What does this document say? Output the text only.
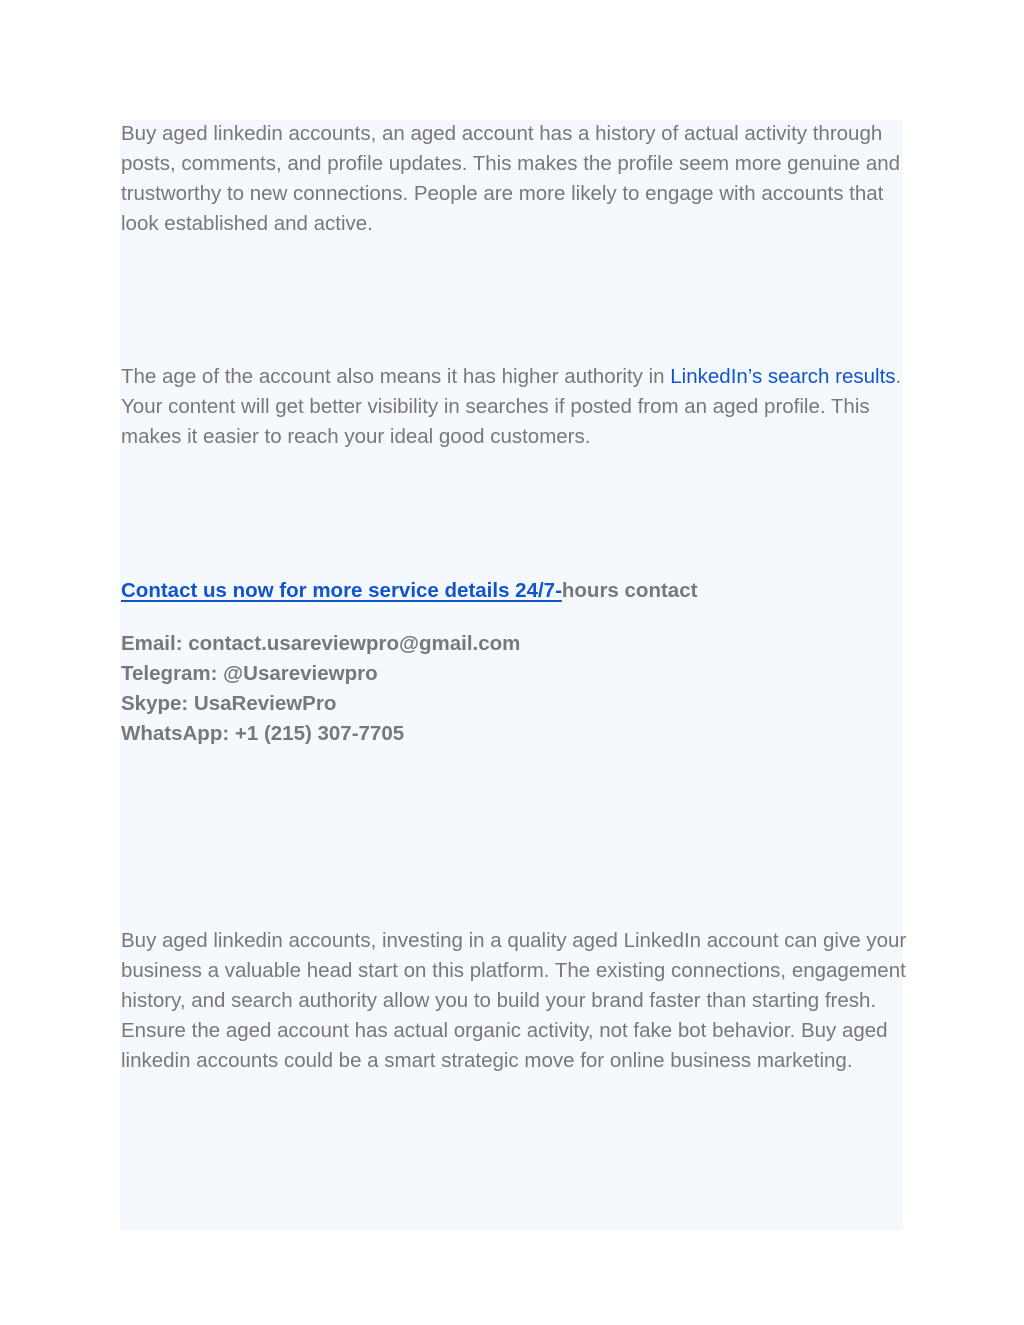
Buy aged linkedin accounts, an aged account has a history of actual activity through posts, comments, and profile updates. This makes the profile seem more genuine and trustworthy to new connections. People are more likely to engage with accounts that look established and active.

The age of the account also means it has higher authority in LinkedIn’s search results. Your content will get better visibility in searches if posted from an aged profile. This makes it easier to reach your ideal good customers.

Contact us now for more service details 24/7-hours contact

Email: contact.usareviewpro@gmail.com
Telegram: @Usareviewpro
Skype: UsaReviewPro
WhatsApp: +1 (215) 307-7705

Buy aged linkedin accounts, investing in a quality aged LinkedIn account can give your business a valuable head start on this platform. The existing connections, engagement history, and search authority allow you to build your brand faster than starting fresh. Ensure the aged account has actual organic activity, not fake bot behavior. Buy aged linkedin accounts could be a smart strategic move for online business marketing.
